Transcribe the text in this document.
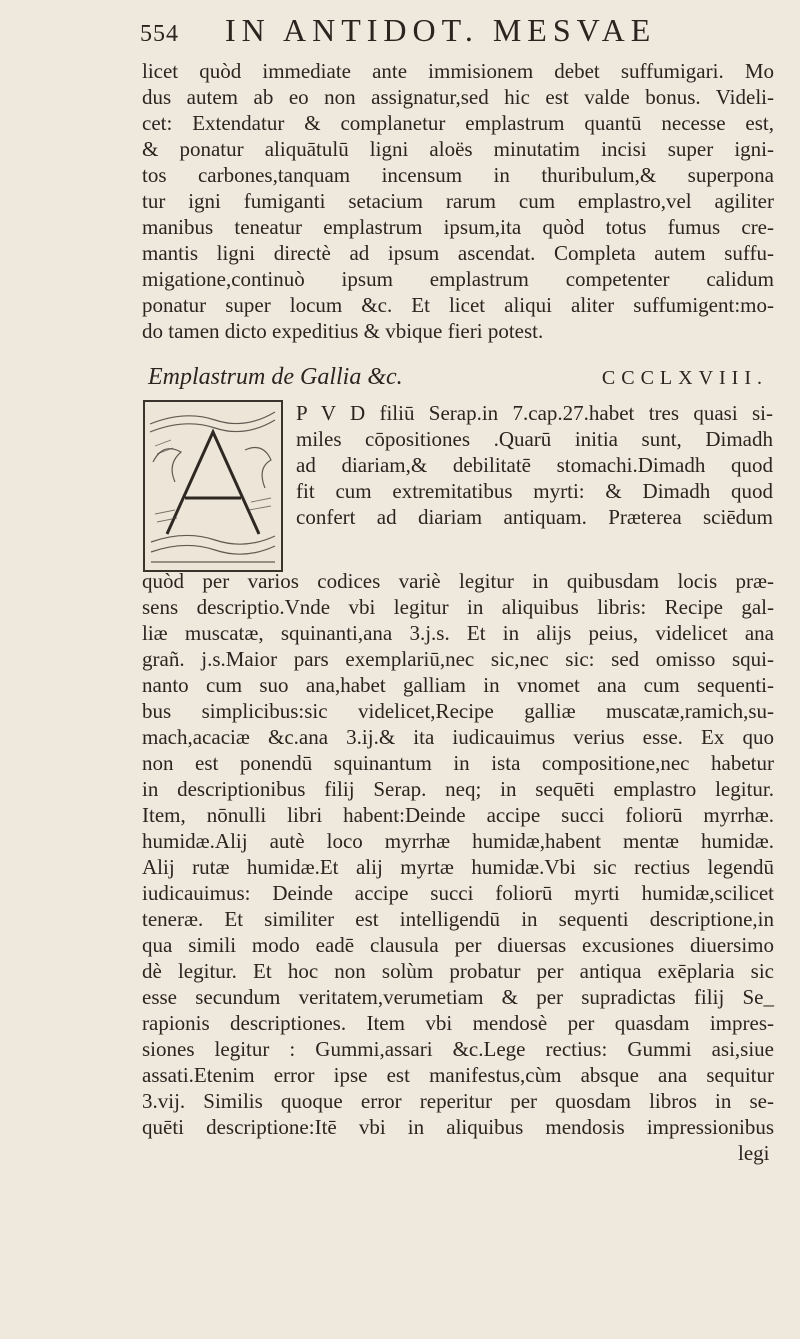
554 IN ANTIDOT. MESVAE
licet quòd immediate ante immisionem debet suffumigari. Mo
dus autem ab eo non assignatur,sed hic est valde bonus. Videli-
cet: Extendatur & complanetur emplastrum quantū necesse est,
& ponatur aliquātulū ligni aloës minutatim incisi super igni-
tos carbones,tanquam incensum in thuribulum,& superpona
tur igni fumiganti setacium rarum cum emplastro,vel agiliter
manibus teneatur emplastrum ipsum,ita quòd totus fumus cre-
mantis ligni directè ad ipsum ascendat. Completa autem suffu-
migatione,continuò ipsum emplastrum competenter calidum
ponatur super locum &c. Et licet aliqui aliter suffumigent:mo-
do tamen dicto expeditius & vbique fieri potest.
Emplastrum de Gallia &c.	CCCLXVIII.
P V D filiū Serap.in 7.cap.27.habet tres quasi si-
miles cōpositiones .Quarū initia sunt, Dimadh
ad diariam,& debilitatē stomachi.Dimadh quod
fit cum extremitatibus myrti: & Dimadh quod
confert ad diariam antiquam. Præterea sciēdum
quòd per varios codices variè legitur in quibusdam locis præ-
sens descriptio.Vnde vbi legitur in aliquibus libris: Recipe gal-
liæ muscatæ, squinanti,ana 3.j.s. Et in alijs peius, videlicet ana
grañ. j.s.Maior pars exemplariū,nec sic,nec sic: sed omisso squi-
nanto cum suo ana,habet galliam in vnomet ana cum sequenti-
bus simplicibus:sic videlicet,Recipe galliæ muscatæ,ramich,su-
mach,acaciæ &c.ana 3.ij.& ita iudicauimus verius esse. Ex quo
non est ponendū squinantum in ista compositione,nec habetur
in descriptionibus filij Serap. neq; in sequēti emplastro legitur.
Item, nōnulli libri habent:Deinde accipe succi foliorū myrrhæ.
humidæ.Alij autè loco myrrhæ humidæ,habent mentæ humidæ.
Alij rutæ humidæ.Et alij myrtæ humidæ.Vbi sic rectius legendū
iudicauimus: Deinde accipe succi foliorū myrti humidæ,scilicet
teneræ. Et similiter est intelligendū in sequenti descriptione,in
qua simili modo eadē clausula per diuersas excusiones diuersimo
dè legitur. Et hoc non solùm probatur per antiqua exēplaria sic
esse secundum veritatem,verumetiam & per supradictas filij Se_
rapionis descriptiones. Item vbi mendosè per quasdam impres-
siones legitur : Gummi,assari &c.Lege rectius: Gummi asi,siue
assati.Etenim error ipse est manifestus,cùm absque ana sequitur
3.vij. Similis quoque error reperitur per quosdam libros in se-
quēti descriptione:Itē vbi in aliquibus mendosis impressionibus
legi
